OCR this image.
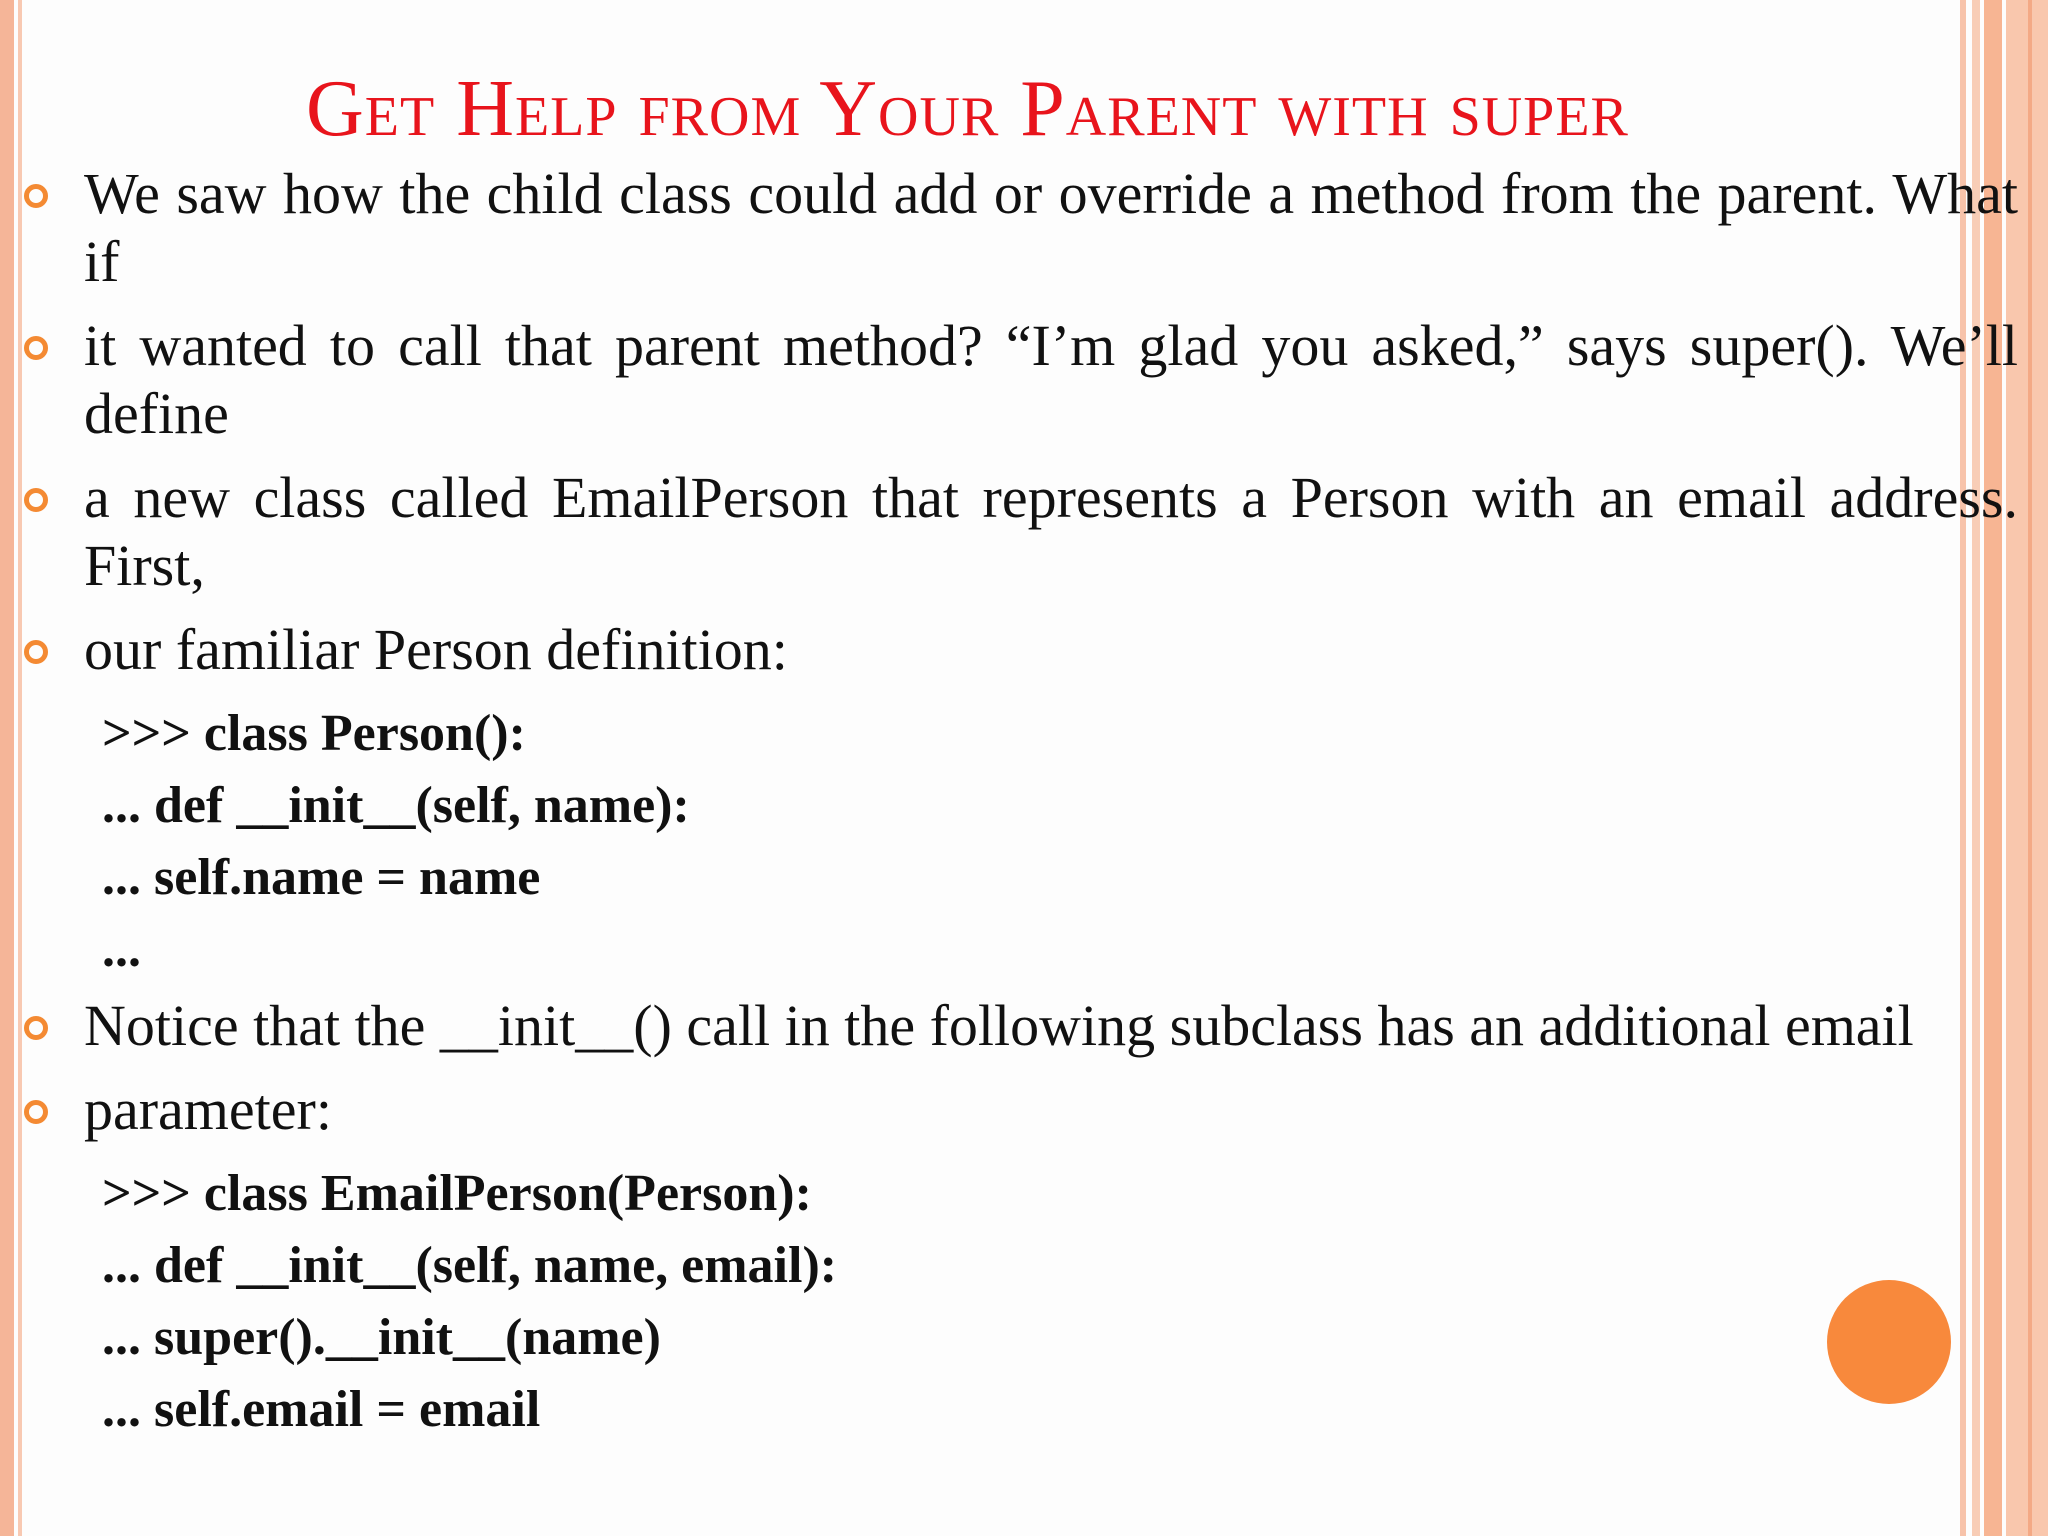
Get Help from Your Parent with super
We saw how the child class could add or override a method from the parent. What if
it wanted to call that parent method? “I’m glad you asked,” says super(). We’ll define
a new class called EmailPerson that represents a Person with an email address. First,
our familiar Person definition:
>>> class Person():
... def __init__(self, name):
... self.name = name
...
Notice that the __init__() call in the following subclass has an additional email
parameter:
>>> class EmailPerson(Person):
... def __init__(self, name, email):
... super().__init__(name)
... self.email = email
